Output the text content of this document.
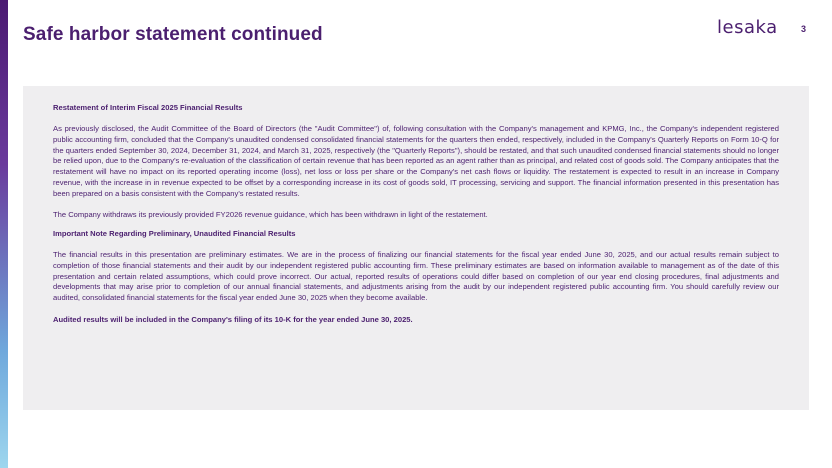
Safe harbor statement continued	lesaka	3

Restatement of Interim Fiscal 2025 Financial Results

As previously disclosed, the Audit Committee of the Board of Directors (the "Audit Committee") of, following consultation with the Company's management and KPMG, Inc., the Company's independent registered public accounting firm, concluded that the Company's unaudited condensed consolidated financial statements for the quarters then ended, respectively, included in the Company's Quarterly Reports on Form 10-Q for the quarters ended September 30, 2024, December 31, 2024, and March 31, 2025, respectively (the "Quarterly Reports"), should be restated, and that such unaudited condensed financial statements should no longer be relied upon, due to the Company's re-evaluation of the classification of certain revenue that has been reported as an agent rather than as principal, and related cost of goods sold. The Company anticipates that the restatement will have no impact on its reported operating income (loss), net loss or loss per share or the Company's net cash flows or liquidity. The restatement is expected to result in an increase in Company revenue, with the increase in in revenue expected to be offset by a corresponding increase in its cost of goods sold, IT processing, servicing and support. The financial information presented in this presentation has been prepared on a basis consistent with the Company's restated results.

The Company withdraws its previously provided FY2026 revenue guidance, which has been withdrawn in light of the restatement.

Important Note Regarding Preliminary, Unaudited Financial Results

The financial results in this presentation are preliminary estimates. We are in the process of finalizing our financial statements for the fiscal year ended June 30, 2025, and our actual results remain subject to completion of those financial statements and their audit by our independent registered public accounting firm. These preliminary estimates are based on information available to management as of the date of this presentation and certain related assumptions, which could prove incorrect. Our actual, reported results of operations could differ based on completion of our year end closing procedures, final adjustments and developments that may arise prior to completion of our annual financial statements, and adjustments arising from the audit by our independent registered public accounting firm. You should carefully review our audited, consolidated financial statements for the fiscal year ended June 30, 2025 when they become available.

Audited results will be included in the Company's filing of its 10-K for the year ended June 30, 2025.
